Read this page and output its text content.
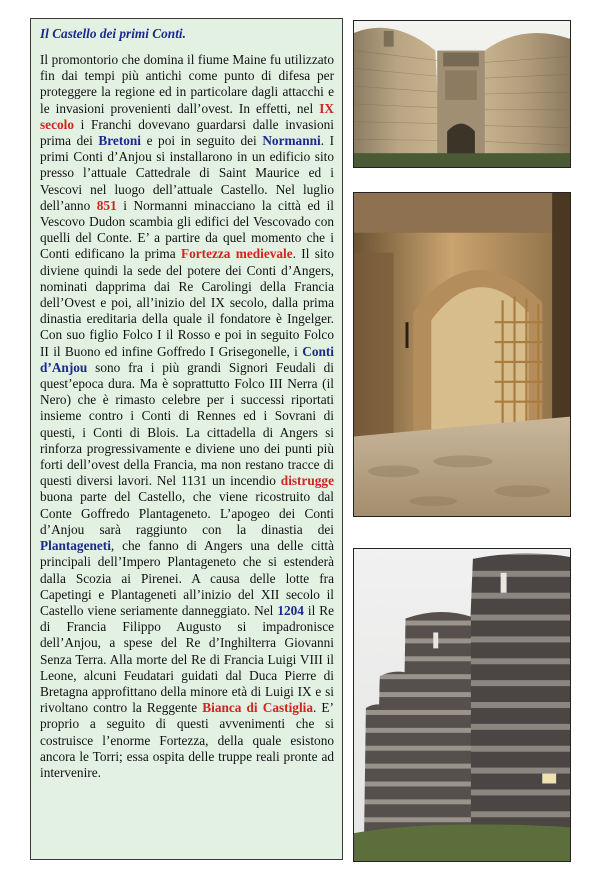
Il Castello dei primi Conti.

Il promontorio che domina il fiume Maine fu utilizzato fin dai tempi più antichi come punto di difesa per proteggere la regione ed in particolare dagli attacchi e le invasioni provenienti dall’ovest. In effetti, nel IX secolo i Franchi dovevano guardarsi dalle invasioni prima dei Bretoni e poi in seguito dei Normanni. I primi Conti d’Anjou si installarono in un edificio sito presso l’attuale Cattedrale di Saint Maurice ed i Vescovi nel luogo dell’attuale Castello. Nel luglio dell’anno 851 i Normanni minacciano la città ed il Vescovo Dudon scambia gli edifici del Vescovado con quelli del Conte. E’ a partire da quel momento che i Conti edificano la prima Fortezza medievale. Il sito diviene quindi la sede del potere dei Conti d’Angers, nominati dapprima dai Re Carolingi della Francia dell’Ovest e poi, all’inizio del IX secolo, dalla prima dinastia ereditaria della quale il fondatore è Ingelger. Con suo figlio Folco I il Rosso e poi in seguito Folco II il Buono ed infine Goffredo I Grisegonelle, i Conti d’Anjou sono fra i più grandi Signori Feudali di quest’epoca dura. Ma è soprattutto Folco III Nerra (il Nero) che è rimasto celebre per i successi riportati insieme contro i Conti di Rennes ed i Sovrani di questi, i Conti di Blois. La cittadella di Angers si rinforza progressivamente e diviene uno dei punti più forti dell’ovest della Francia, ma non restano tracce di questi diversi lavori. Nel 1131 un incendio distrugge buona parte del Castello, che viene ricostruito dal Conte Goffredo Plantageneto. L’apogeo dei Conti d’Anjou sarà raggiunto con la dinastia dei Plantageneti, che fanno di Angers una delle città principali dell’Impero Plantageneto che si estenderà dalla Scozia ai Pirenei. A causa delle lotte fra Capetingi e Plantageneti all’inizio del XII secolo il Castello viene seriamente danneggiato. Nel 1204 il Re di Francia Filippo Augusto si impadronisce dell’Anjou, a spese del Re d’Inghilterra Giovanni Senza Terra. Alla morte del Re di Francia Luigi VIII il Leone, alcuni Feudatari guidati dal Duca Pierre di Bretagna approfittano della minore età di Luigi IX e si rivoltano contro la Reggente Bianca di Castiglia. E’ proprio a seguito di questi avvenimenti che si costruisce l’enorme Fortezza, della quale esistono ancora le Torri; essa ospita delle truppe reali pronte ad intervenire.
